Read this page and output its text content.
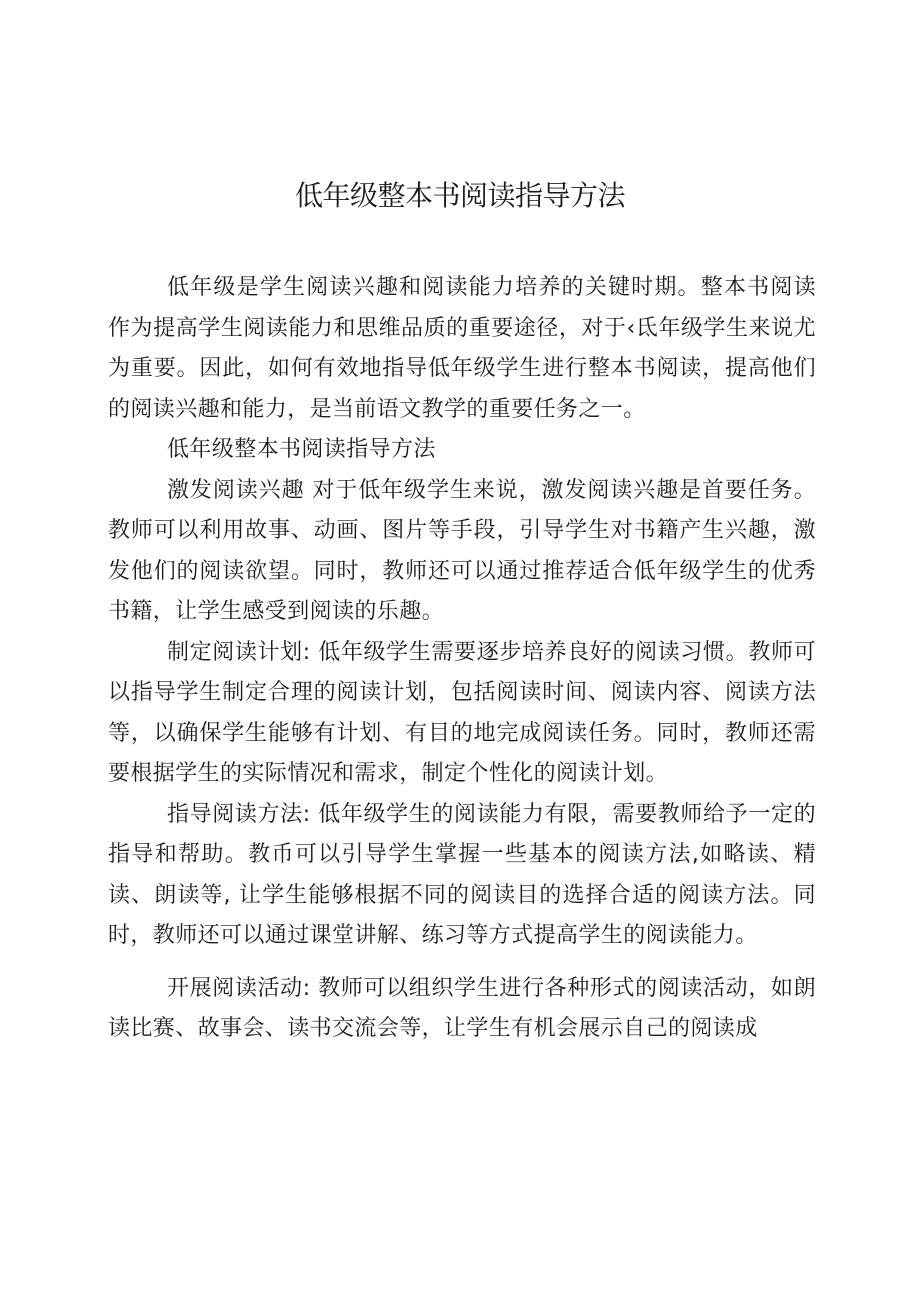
低年级整本书阅读指导方法

低年级是学生阅读兴趣和阅读能力培养的关键时期。整本书阅读作为提高学生阅读能力和思维品质的重要途径，对于‹氐年级学生来说尤为重要。因此，如何有效地指导低年级学生进行整本书阅读，提高他们的阅读兴趣和能力，是当前语文教学的重要任务之一。

低年级整本书阅读指导方法

激发阅读兴趣 对于低年级学生来说，激发阅读兴趣是首要任务。教师可以利用故事、动画、图片等手段，引导学生对书籍产生兴趣，激发他们的阅读欲望。同时，教师还可以通过推荐适合低年级学生的优秀书籍，让学生感受到阅读的乐趣。

制定阅读计划: 低年级学生需要逐步培养良好的阅读习惯。教师可以指导学生制定合理的阅读计划，包括阅读时间、阅读内容、阅读方法等，以确保学生能够有计划、有目的地完成阅读任务。同时，教师还需要根据学生的实际情况和需求，制定个性化的阅读计划。

指导阅读方法: 低年级学生的阅读能力有限，需要教师给予一定的指导和帮助。教币可以引导学生掌握一些基本的阅读方法,如略读、精读、朗读等, 让学生能够根据不同的阅读目的选择合适的阅读方法。同时，教师还可以通过课堂讲解、练习等方式提高学生的阅读能力。

开展阅读活动: 教师可以组织学生进行各种形式的阅读活动，如朗读比赛、故事会、读书交流会等，让学生有机会展示自己的阅读成
